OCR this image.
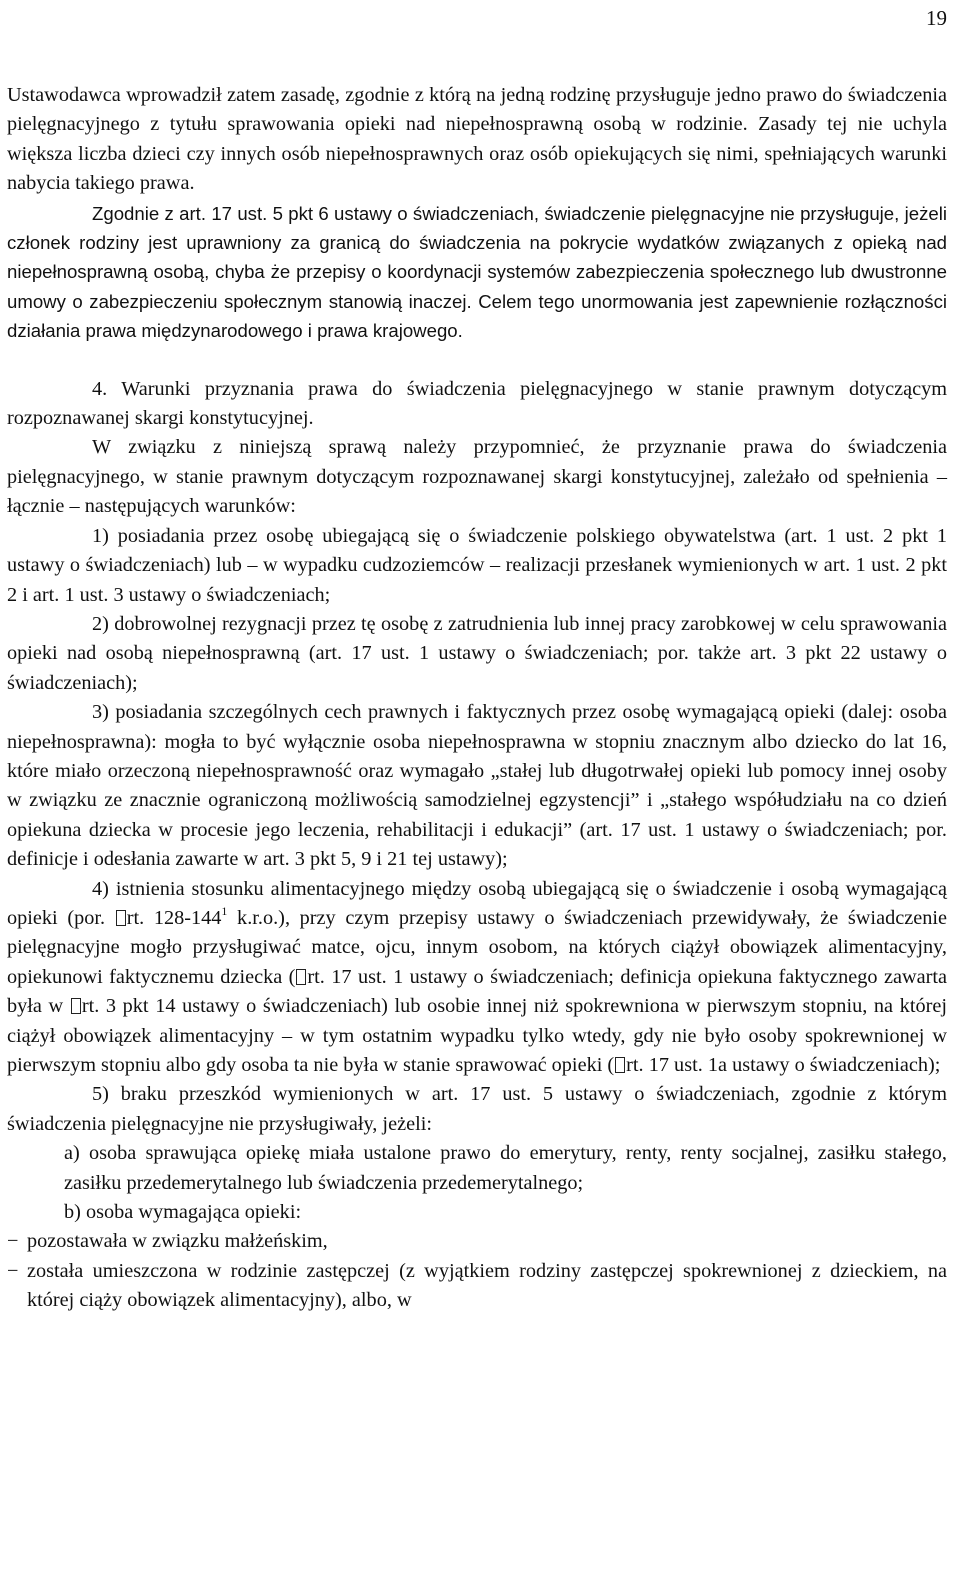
19

Ustawodawca wprowadził zatem zasadę, zgodnie z którą na jedną rodzinę przysługuje jedno prawo do świadczenia pielęgnacyjnego z tytułu sprawowania opieki nad niepełnosprawną osobą w rodzinie. Zasady tej nie uchyla większa liczba dzieci czy innych osób niepełnosprawnych oraz osób opiekujących się nimi, spełniających warunki nabycia takiego prawa.

Zgodnie z art. 17 ust. 5 pkt 6 ustawy o świadczeniach, świadczenie pielęgnacyjne nie przysługuje, jeżeli członek rodziny jest uprawniony za granicą do świadczenia na pokrycie wydatków związanych z opieką nad niepełnosprawną osobą, chyba że przepisy o koordynacji systemów zabezpieczenia społecznego lub dwustronne umowy o zabezpieczeniu społecznym stanowią inaczej. Celem tego unormowania jest zapewnienie rozłączności działania prawa międzynarodowego i prawa krajowego.

4. Warunki przyznania prawa do świadczenia pielęgnacyjnego w stanie prawnym dotyczącym rozpoznawanej skargi konstytucyjnej.

W związku z niniejszą sprawą należy przypomnieć, że przyznanie prawa do świadczenia pielęgnacyjnego, w stanie prawnym dotyczącym rozpoznawanej skargi konstytucyjnej, zależało od spełnienia – łącznie – następujących warunków:

1) posiadania przez osobę ubiegającą się o świadczenie polskiego obywatelstwa (art. 1 ust. 2 pkt 1 ustawy o świadczeniach) lub – w wypadku cudzoziemców – realizacji przesłanek wymienionych w art. 1 ust. 2 pkt 2 i art. 1 ust. 3 ustawy o świadczeniach;

2) dobrowolnej rezygnacji przez tę osobę z zatrudnienia lub innej pracy zarobkowej w celu sprawowania opieki nad osobą niepełnosprawną (art. 17 ust. 1 ustawy o świadczeniach; por. także art. 3 pkt 22 ustawy o świadczeniach);

3) posiadania szczególnych cech prawnych i faktycznych przez osobę wymagającą opieki (dalej: osoba niepełnosprawna): mogła to być wyłącznie osoba niepełnosprawna w stopniu znacznym albo dziecko do lat 16, które miało orzeczoną niepełnosprawność oraz wymagało „stałej lub długotrwałej opieki lub pomocy innej osoby w związku ze znacznie ograniczoną możliwością samodzielnej egzystencji” i „stałego współudziału na co dzień opiekuna dziecka w procesie jego leczenia, rehabilitacji i edukacji” (art. 17 ust. 1 ustawy o świadczeniach; por. definicje i odesłania zawarte w art. 3 pkt 5, 9 i 21 tej ustawy);

4) istnienia stosunku alimentacyjnego między osobą ubiegającą się o świadczenie i osobą wymagającą opieki (por. rt. $128-144^1$ k.r.o.), przy czym przepisy ustawy o świadczeniach przewidywały, że świadczenie pielęgnacyjne mogło przysługiwać matce, ojcu, innym osobom, na których ciążył obowiązek alimentacyjny, opiekunowi faktycznemu dziecka ( rt. 17 ust. 1 ustawy o świadczeniach; definicja opiekuna faktycznego zawarta była w rt. 3 pkt 14 ustawy o świadczeniach) lub osobie innej niż spokrewniona w pierwszym stopniu, na której ciążył obowiązek alimentacyjny – w tym ostatnim wypadku tylko wtedy, gdy nie było osoby spokrewnionej w pierwszym stopniu albo gdy osoba ta nie była w stanie sprawować opieki ( rt. 17 ust. 1a ustawy o świadczeniach);

5) braku przeszkód wymienionych w art. 17 ust. 5 ustawy o świadczeniach, zgodnie z którym świadczenia pielęgnacyjne nie przysługiwały, jeżeli:

a) osoba sprawująca opiekę miała ustalone prawo do emerytury, renty, renty socjalnej, zasiłku stałego, zasiłku przedemerytalnego lub świadczenia przedemerytalnego;

b) osoba wymagająca opieki:

− pozostawała w związku małżeńskim,

− została umieszczona w rodzinie zastępczej (z wyjątkiem rodziny zastępczej spokrewnionej z dzieckiem, na której ciąży obowiązek alimentacyjny), albo, w
